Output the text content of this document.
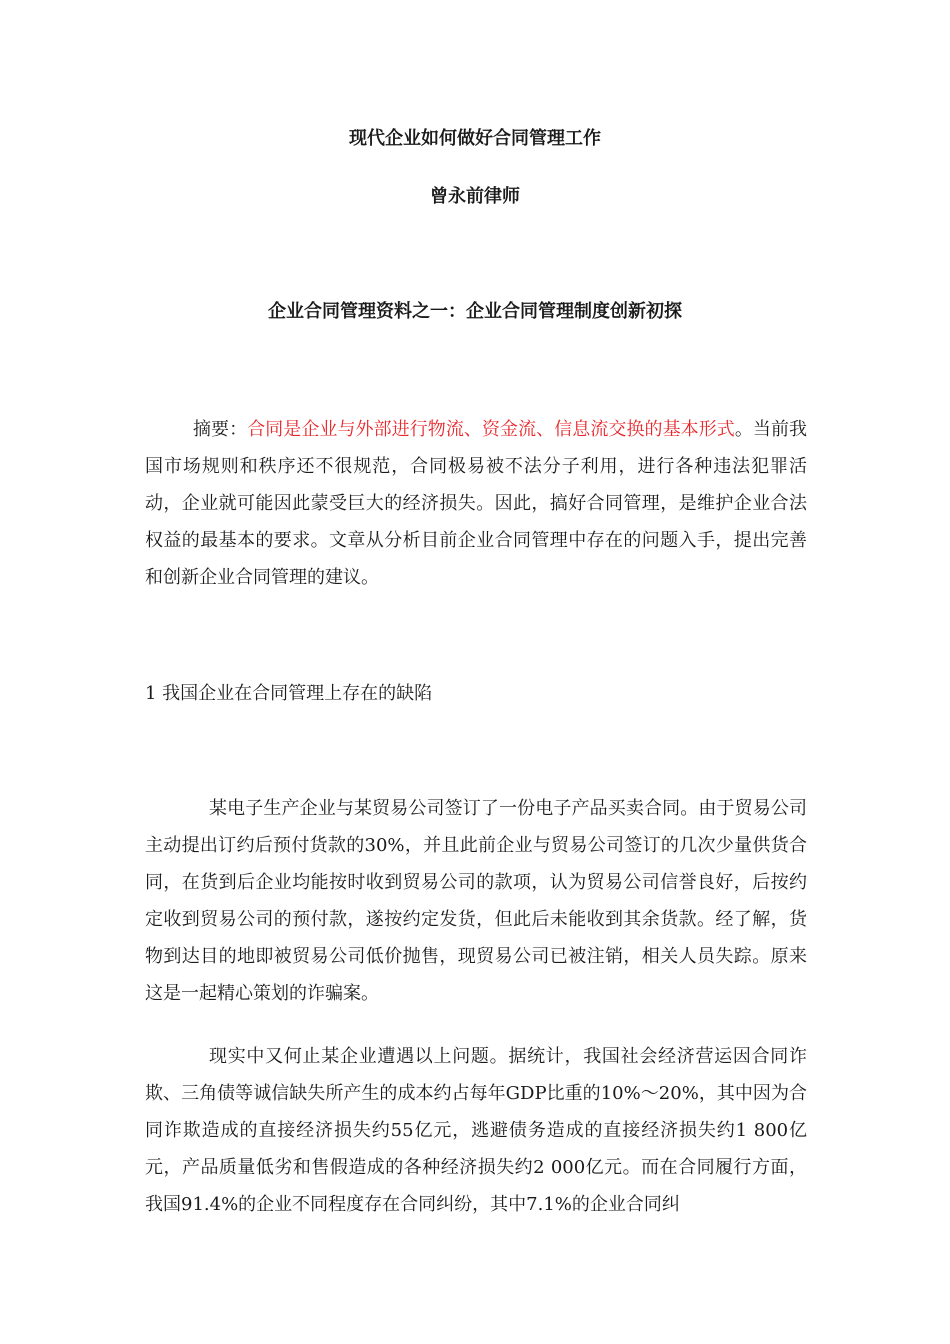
现代企业如何做好合同管理工作
曾永前律师
企业合同管理资料之一：企业合同管理制度创新初探

摘要：合同是企业与外部进行物流、资金流、信息流交换的基本形式。当前我国市场规则和秩序还不很规范，合同极易被不法分子利用，进行各种违法犯罪活动，企业就可能因此蒙受巨大的经济损失。因此，搞好合同管理，是维护企业合法权益的最基本的要求。文章从分析目前企业合同管理中存在的问题入手，提出完善和创新企业合同管理的建议。

1 我国企业在合同管理上存在的缺陷

某电子生产企业与某贸易公司签订了一份电子产品买卖合同。由于贸易公司主动提出订约后预付货款的30%，并且此前企业与贸易公司签订的几次少量供货合同，在货到后企业均能按时收到贸易公司的款项，认为贸易公司信誉良好，后按约定收到贸易公司的预付款，遂按约定发货，但此后未能收到其余货款。经了解，货物到达目的地即被贸易公司低价抛售，现贸易公司已被注销，相关人员失踪。原来这是一起精心策划的诈骗案。

现实中又何止某企业遭遇以上问题。据统计，我国社会经济营运因合同诈欺、三角债等诚信缺失所产生的成本约占每年GDP比重的10%～20%，其中因为合同诈欺造成的直接经济损失约55亿元，逃避债务造成的直接经济损失约1 800亿元，产品质量低劣和售假造成的各种经济损失约2 000亿元。而在合同履行方面，我国91.4%的企业不同程度存在合同纠纷，其中7.1%的企业合同纠
